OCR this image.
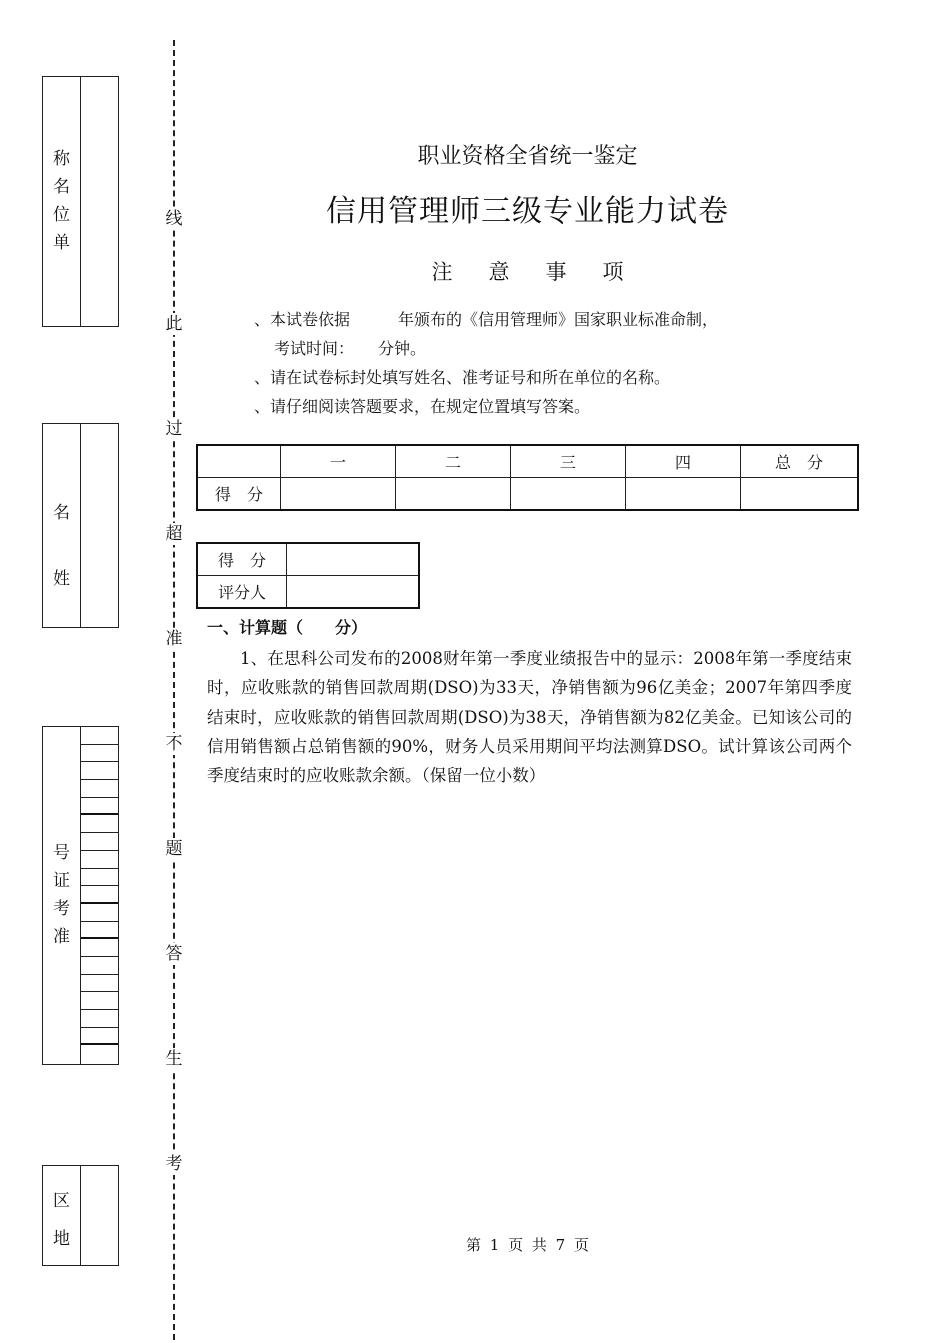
称
名
位
单
名
姓
号
证
考
准
区
地
线
此
过
超
准
不
题
答
生
考
职业资格全省统一鉴定
信用管理师三级专业能力试卷
注 意 事 项
、本试卷依据　　　年颁布的《信用管理师》国家职业标准命制，
考试时间：　　分钟。
、请在试卷标封处填写姓名、准考证号和所在单位的名称。
、请仔细阅读答题要求，在规定位置填写答案。
	一	二	三	四	总　分
得　分					
得　分	
评分人	
一、计算题（　　分）
1、在思科公司发布的2008财年第一季度业绩报告中的显示：2008年第一季度结束时，应收账款的销售回款周期(DSO)为33天，净销售额为96亿美金；2007年第四季度结束时，应收账款的销售回款周期(DSO)为38天，净销售额为82亿美金。已知该公司的信用销售额占总销售额的90%，财务人员采用期间平均法测算DSO。试计算该公司两个季度结束时的应收账款余额。（保留一位小数）
第 1 页 共 7 页
